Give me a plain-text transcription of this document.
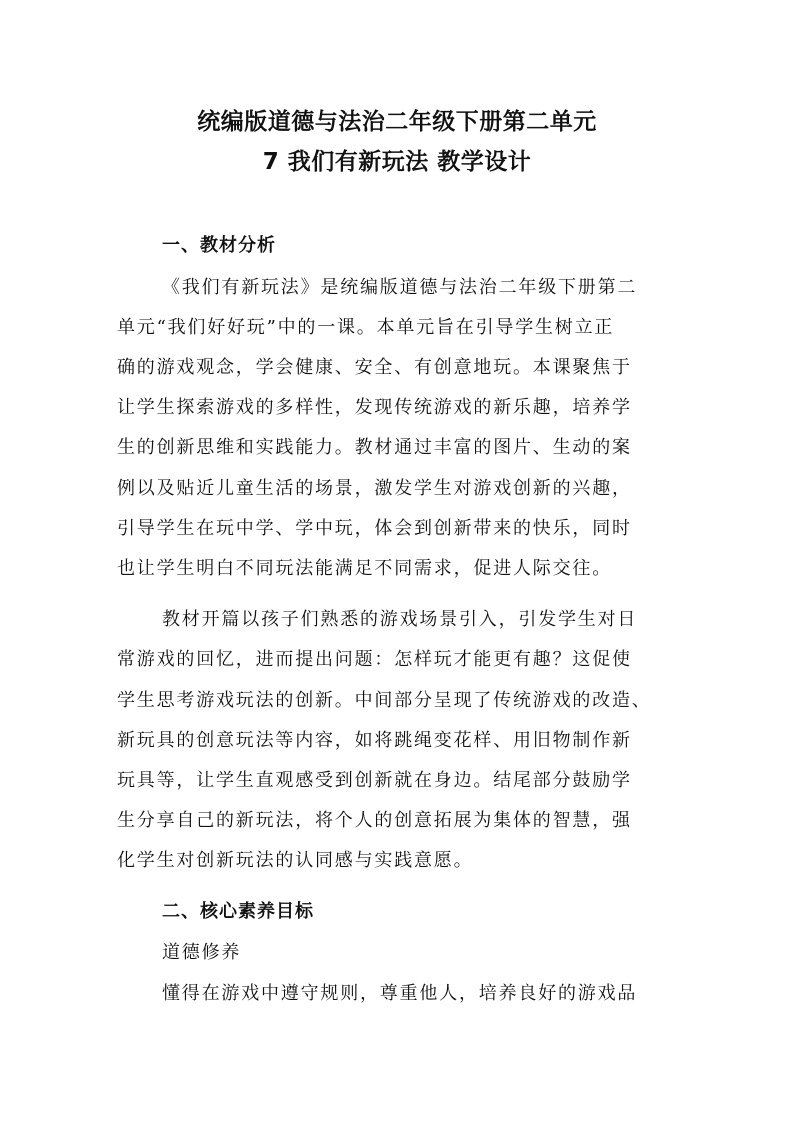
统编版道德与法治二年级下册第二单元
7 我们有新玩法 教学设计
一、教材分析
《我们有新玩法》是统编版道德与法治二年级下册第二
单元“我们好好玩”中的一课。本单元旨在引导学生树立正
确的游戏观念，学会健康、安全、有创意地玩。本课聚焦于
让学生探索游戏的多样性，发现传统游戏的新乐趣，培养学
生的创新思维和实践能力。教材通过丰富的图片、生动的案
例以及贴近儿童生活的场景，激发学生对游戏创新的兴趣，
引导学生在玩中学、学中玩，体会到创新带来的快乐，同时
也让学生明白不同玩法能满足不同需求，促进人际交往。
教材开篇以孩子们熟悉的游戏场景引入，引发学生对日
常游戏的回忆，进而提出问题：怎样玩才能更有趣？这促使
学生思考游戏玩法的创新。中间部分呈现了传统游戏的改造、
新玩具的创意玩法等内容，如将跳绳变花样、用旧物制作新
玩具等，让学生直观感受到创新就在身边。结尾部分鼓励学
生分享自己的新玩法，将个人的创意拓展为集体的智慧，强
化学生对创新玩法的认同感与实践意愿。
二、核心素养目标
道德修养
懂得在游戏中遵守规则，尊重他人，培养良好的游戏品
